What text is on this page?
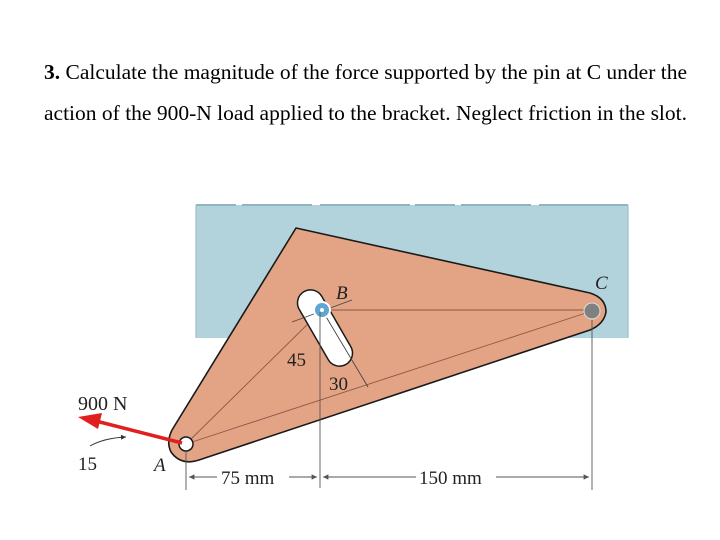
3. Calculate the magnitude of the force supported by the pin at C under the action of the 900-N load applied to the bracket. Neglect friction in the slot.

B	C
A
900 N
15
45
30
75 mm	150 mm
